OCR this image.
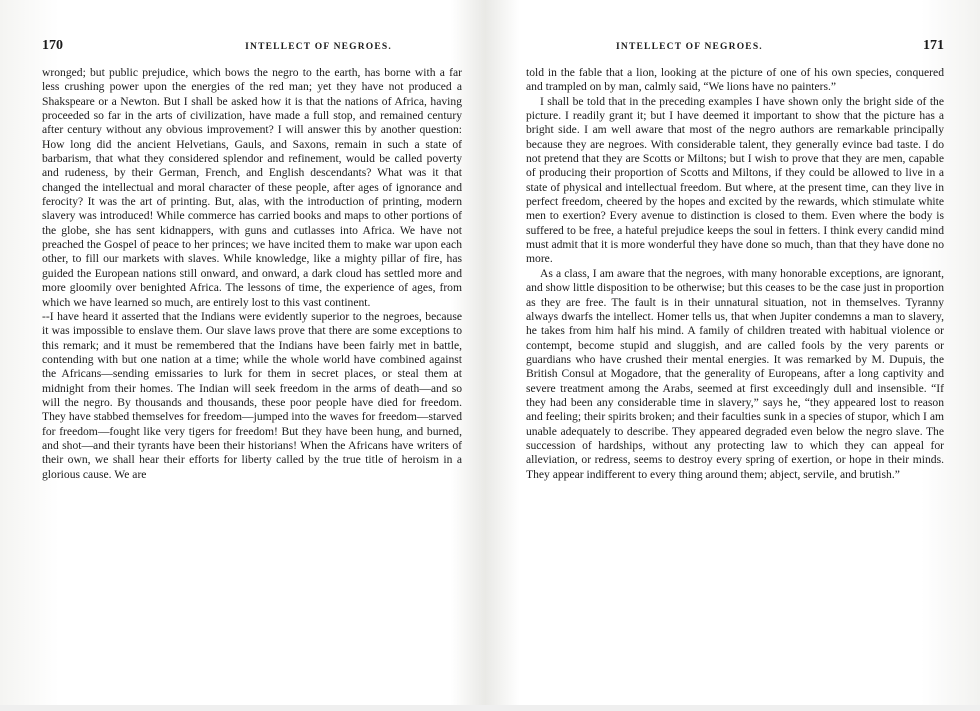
170	INTELLECT OF NEGROES.

wronged; but public prejudice, which bows the negro to the earth, has borne with a far less crushing power upon the energies of the red man; yet they have not produced a Shakspeare or a Newton. But I shall be asked how it is that the nations of Africa, having proceeded so far in the arts of civilization, have made a full stop, and remained century after century without any obvious improvement? I will answer this by another question: How long did the ancient Helvetians, Gauls, and Saxons, remain in such a state of barbarism, that what they considered splendor and refinement, would be called poverty and rudeness, by their German, French, and English descendants? What was it that changed the intellectual and moral character of these people, after ages of ignorance and ferocity? It was the art of printing. But, alas, with the introduction of printing, modern slavery was introduced! While commerce has carried books and maps to other portions of the globe, she has sent kidnappers, with guns and cutlasses into Africa. We have not preached the Gospel of peace to her princes; we have incited them to make war upon each other, to fill our markets with slaves. While knowledge, like a mighty pillar of fire, has guided the European nations still onward, and onward, a dark cloud has settled more and more gloomily over benighted Africa. The lessons of time, the experience of ages, from which we have learned so much, are entirely lost to this vast continent.

--I have heard it asserted that the Indians were evidently superior to the negroes, because it was impossible to enslave them. Our slave laws prove that there are some exceptions to this remark; and it must be remembered that the Indians have been fairly met in battle, contending with but one nation at a time; while the whole world have combined against the Africans—sending emissaries to lurk for them in secret places, or steal them at midnight from their homes. The Indian will seek freedom in the arms of death—and so will the negro. By thousands and thousands, these poor people have died for freedom. They have stabbed themselves for freedom—jumped into the waves for freedom—starved for freedom—fought like very tigers for freedom! But they have been hung, and burned, and shot—and their tyrants have been their historians! When the Africans have writers of their own, we shall hear their efforts for liberty called by the true title of heroism in a glorious cause. We are

INTELLECT OF NEGROES.	171

told in the fable that a lion, looking at the picture of one of his own species, conquered and trampled on by man, calmly said, “We lions have no painters.”

I shall be told that in the preceding examples I have shown only the bright side of the picture. I readily grant it; but I have deemed it important to show that the picture has a bright side. I am well aware that most of the negro authors are remarkable principally because they are negroes. With considerable talent, they generally evince bad taste. I do not pretend that they are Scotts or Miltons; but I wish to prove that they are men, capable of producing their proportion of Scotts and Miltons, if they could be allowed to live in a state of physical and intellectual freedom. But where, at the present time, can they live in perfect freedom, cheered by the hopes and excited by the rewards, which stimulate white men to exertion? Every avenue to distinction is closed to them. Even where the body is suffered to be free, a hateful prejudice keeps the soul in fetters. I think every candid mind must admit that it is more wonderful they have done so much, than that they have done no more.

As a class, I am aware that the negroes, with many honorable exceptions, are ignorant, and show little disposition to be otherwise; but this ceases to be the case just in proportion as they are free. The fault is in their unnatural situation, not in themselves. Tyranny always dwarfs the intellect. Homer tells us, that when Jupiter condemns a man to slavery, he takes from him half his mind. A family of children treated with habitual violence or contempt, become stupid and sluggish, and are called fools by the very parents or guardians who have crushed their mental energies. It was remarked by M. Dupuis, the British Consul at Mogadore, that the generality of Europeans, after a long captivity and severe treatment among the Arabs, seemed at first exceedingly dull and insensible. “If they had been any considerable time in slavery,” says he, “they appeared lost to reason and feeling; their spirits broken; and their faculties sunk in a species of stupor, which I am unable adequately to describe. They appeared degraded even below the negro slave. The succession of hardships, without any protecting law to which they can appeal for alleviation, or redress, seems to destroy every spring of exertion, or hope in their minds. They appear indifferent to every thing around them; abject, servile, and brutish.”
